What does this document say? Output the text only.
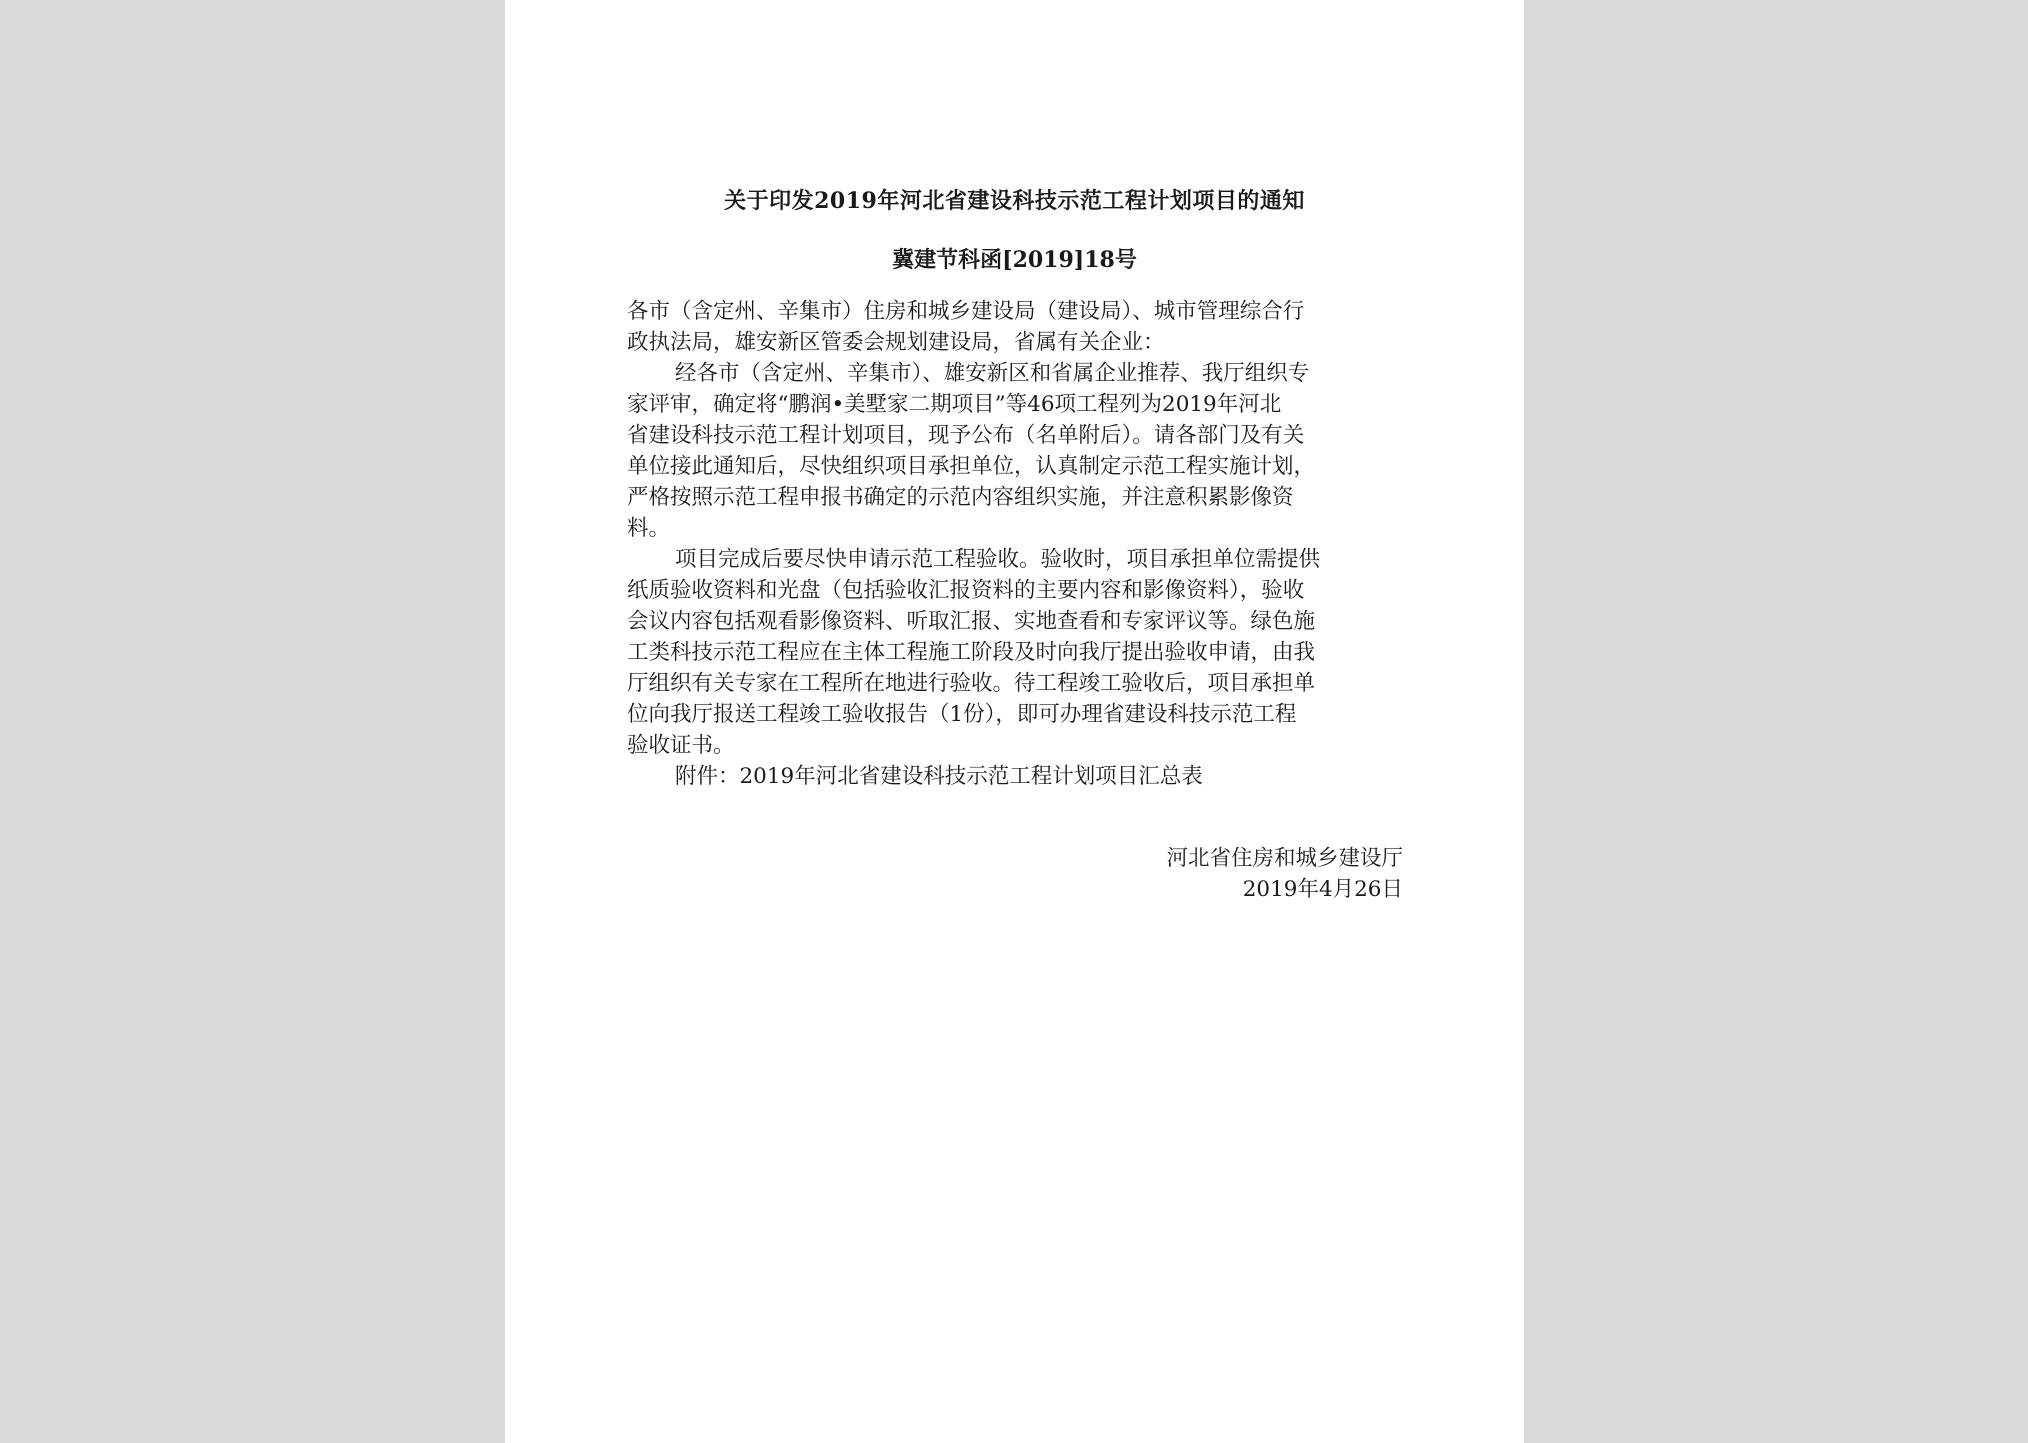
关于印发2019年河北省建设科技示范工程计划项目的通知
冀建节科函[2019]18号
各市（含定州、辛集市）住房和城乡建设局（建设局）、城市管理综合行
政执法局，雄安新区管委会规划建设局，省属有关企业：
经各市（含定州、辛集市）、雄安新区和省属企业推荐、我厅组织专
家评审，确定将“鹏润•美墅家二期项目”等46项工程列为2019年河北
省建设科技示范工程计划项目，现予公布（名单附后）。请各部门及有关
单位接此通知后，尽快组织项目承担单位，认真制定示范工程实施计划，
严格按照示范工程申报书确定的示范内容组织实施，并注意积累影像资
料。
项目完成后要尽快申请示范工程验收。验收时，项目承担单位需提供
纸质验收资料和光盘（包括验收汇报资料的主要内容和影像资料），验收
会议内容包括观看影像资料、听取汇报、实地查看和专家评议等。绿色施
工类科技示范工程应在主体工程施工阶段及时向我厅提出验收申请，由我
厅组织有关专家在工程所在地进行验收。待工程竣工验收后，项目承担单
位向我厅报送工程竣工验收报告（1份），即可办理省建设科技示范工程
验收证书。
附件：2019年河北省建设科技示范工程计划项目汇总表
河北省住房和城乡建设厅
2019年4月26日
